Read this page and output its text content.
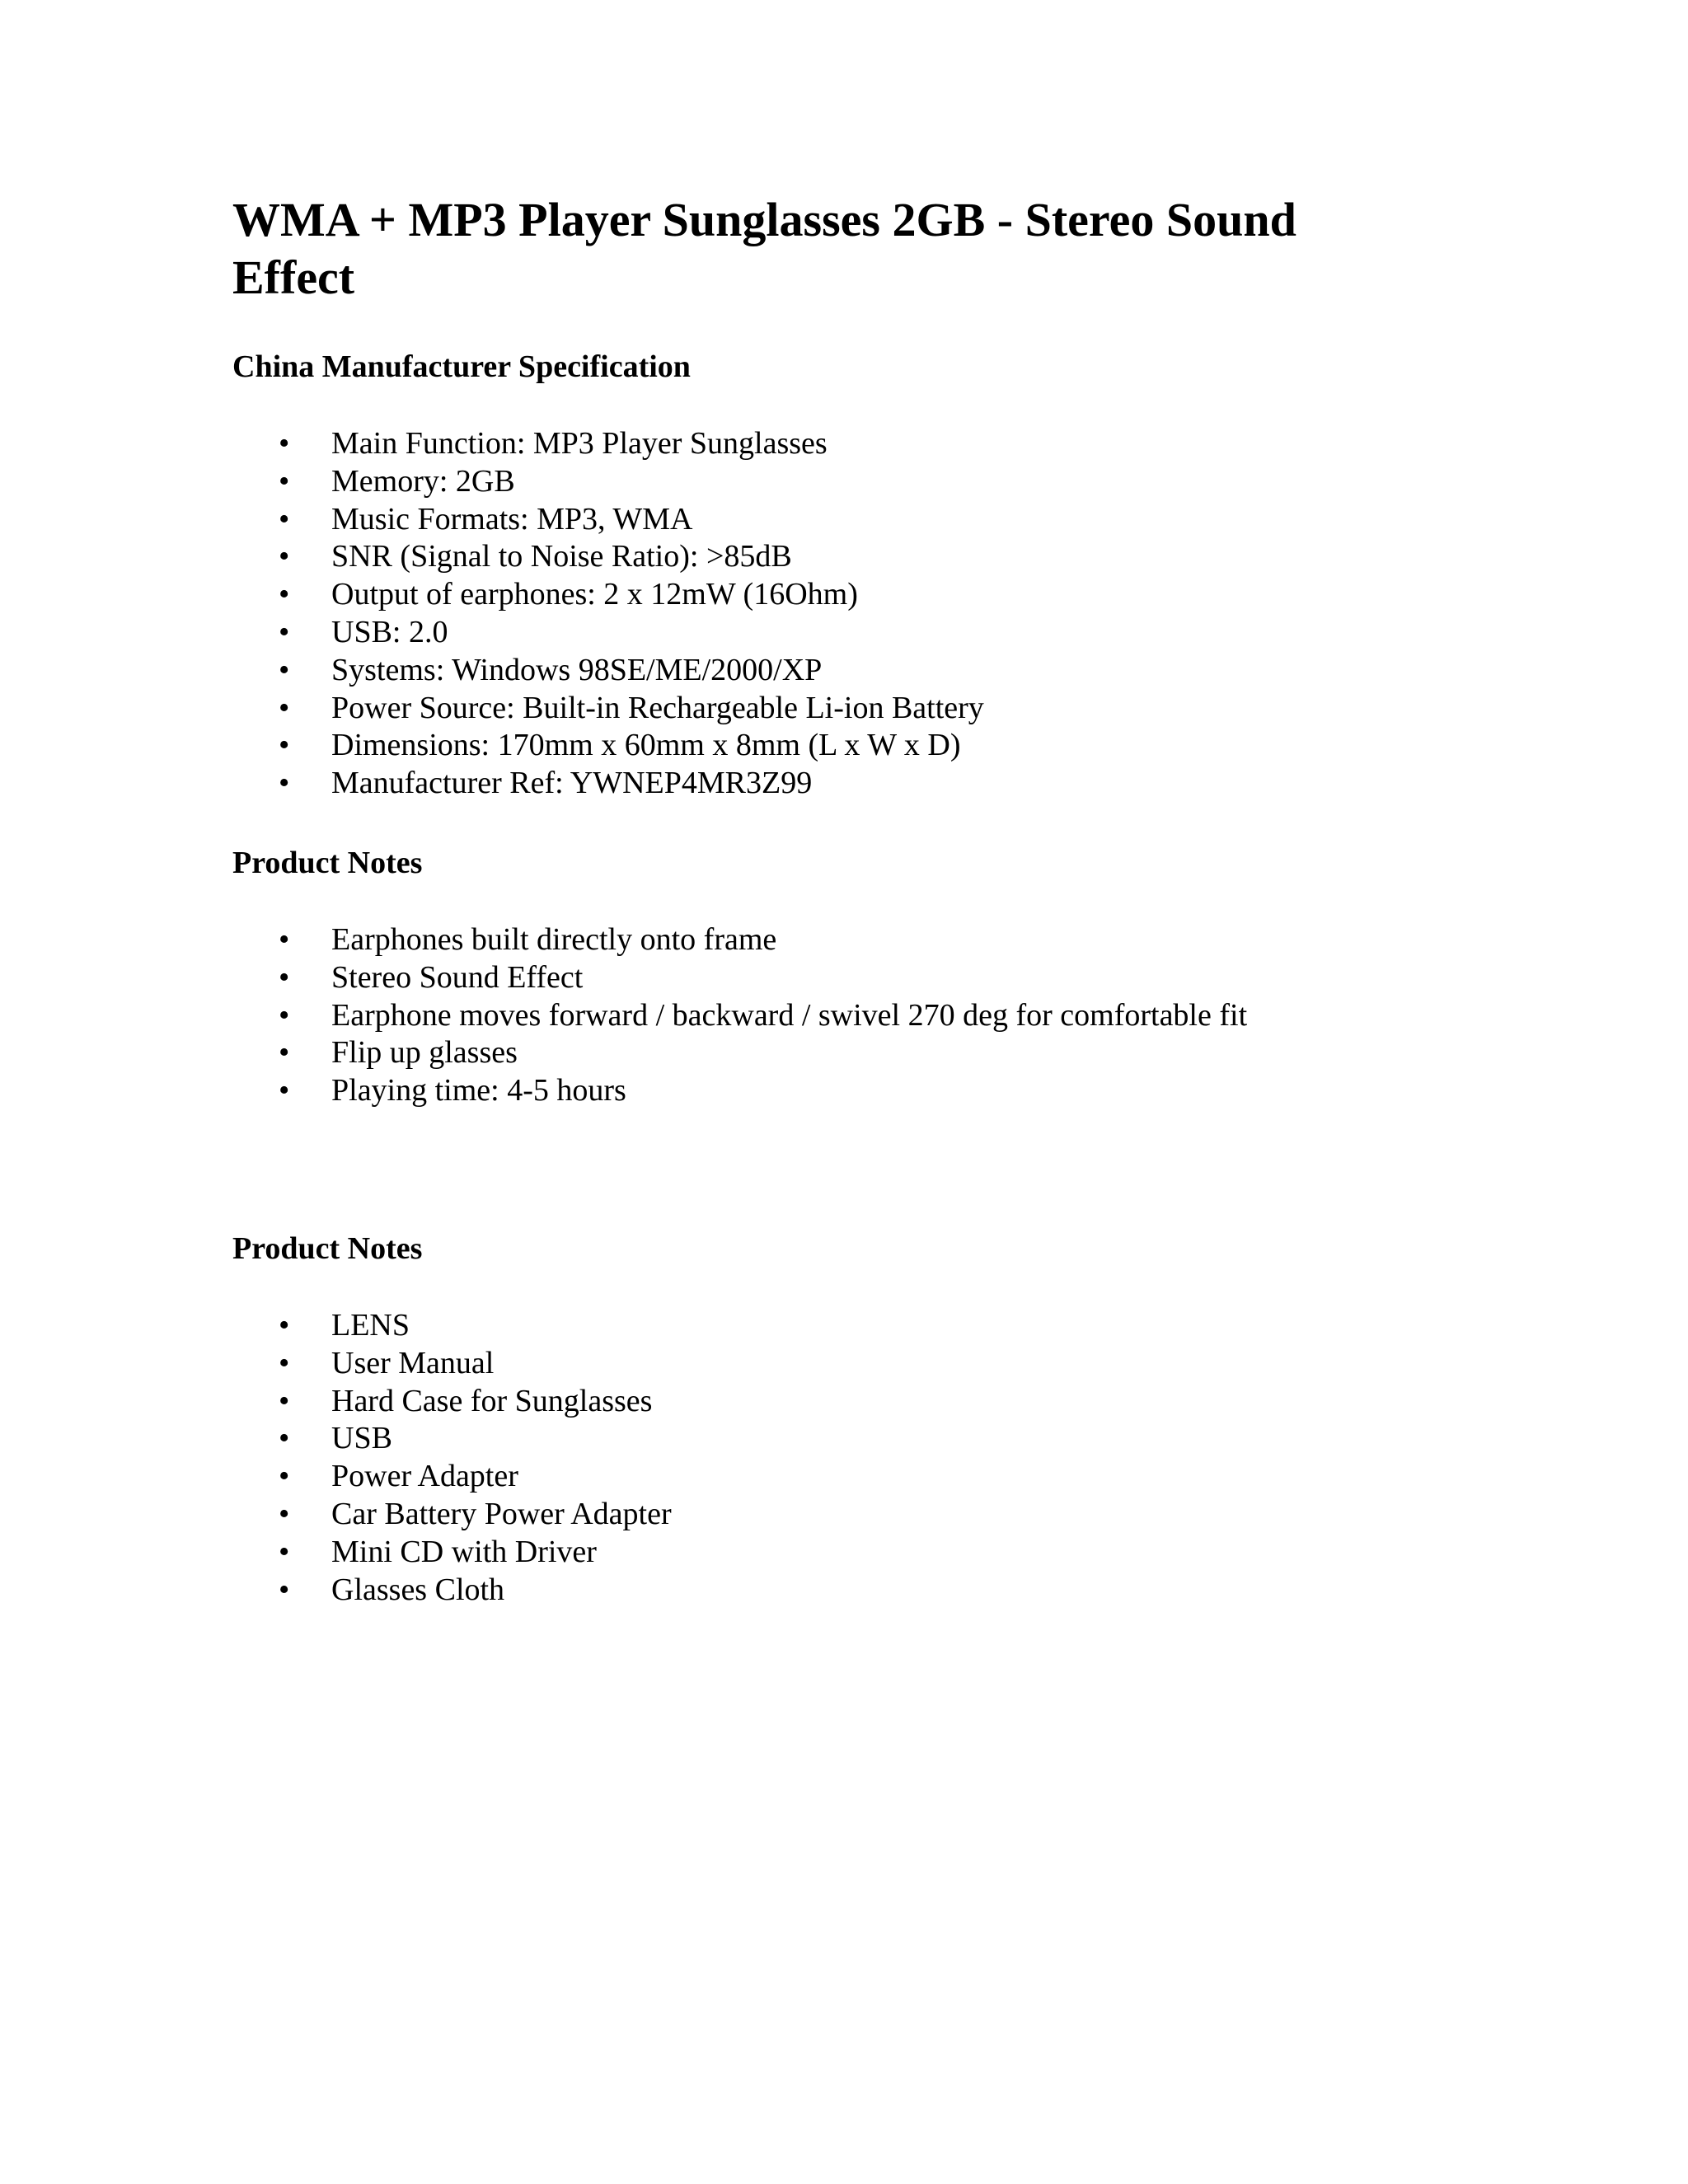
WMA + MP3 Player Sunglasses 2GB - Stereo Sound Effect
China Manufacturer Specification
• Main Function: MP3 Player Sunglasses
• Memory: 2GB
• Music Formats: MP3, WMA
• SNR (Signal to Noise Ratio): >85dB
• Output of earphones: 2 x 12mW (16Ohm)
• USB: 2.0
• Systems: Windows 98SE/ME/2000/XP
• Power Source: Built-in Rechargeable Li-ion Battery
• Dimensions: 170mm x 60mm x 8mm (L x W x D)
• Manufacturer Ref: YWNEP4MR3Z99
Product Notes
• Earphones built directly onto frame
• Stereo Sound Effect
• Earphone moves forward / backward / swivel 270 deg for comfortable fit
• Flip up glasses
• Playing time: 4-5 hours
Product Notes
• LENS
• User Manual
• Hard Case for Sunglasses
• USB
• Power Adapter
• Car Battery Power Adapter
• Mini CD with Driver
• Glasses Cloth
